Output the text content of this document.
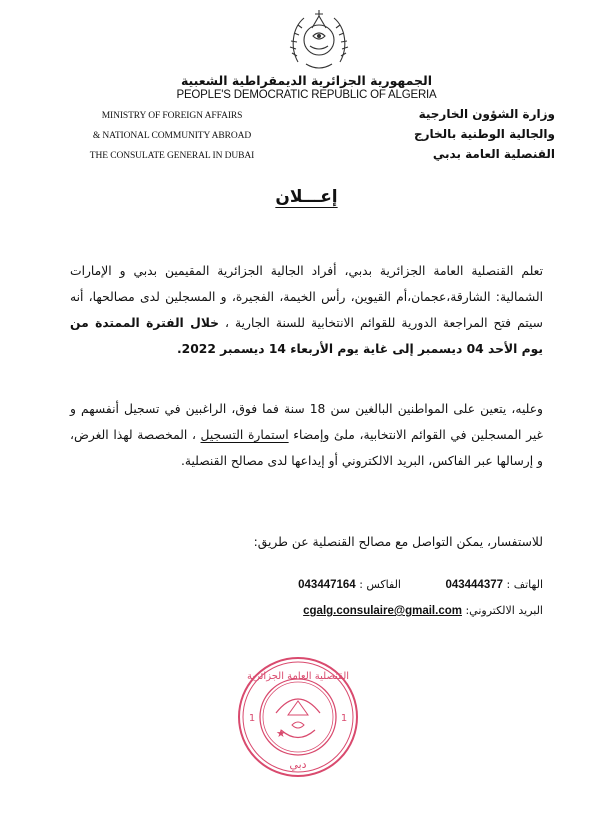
الجمهورية الجزائرية الديمقراطية الشعبية
PEOPLE'S DEMOCRATIC REPUBLIC OF ALGERIA
MINISTRY OF FOREIGN AFFAIRS
& NATIONAL COMMUNITY ABROAD
THE CONSULATE GENERAL IN DUBAI
وزارة الشؤون الخارجية
والجالية الوطنية بالخارج
القنصلية العامة بدبي
إعـــلان
تعلم القنصلية العامة الجزائرية بدبي، أفراد الجالية الجزائرية المقيمين بدبي و الإمارات الشمالية: الشارقة،عجمان،أم القيوين، رأس الخيمة، الفجيرة، و المسجلين لدى مصالحها، أنه سيتم فتح المراجعة الدورية للقوائم الانتخابية للسنة الجارية ، خلال الفترة الممتدة من يوم الأحد 04 ديسمبر إلى غاية يوم الأربعاء 14 ديسمبر 2022.
وعليه، يتعين على المواطنين البالغين سن 18 سنة فما فوق، الراغبين في تسجيل أنفسهم و غير المسجلين في القوائم الانتخابية، ملئ وإمضاء استمارة التسجيل ، المخصصة لهذا الغرض، و إرسالها عبر الفاكس، البريد الالكتروني أو إيداعها لدى مصالح القنصلية.
للاستفسار، يمكن التواصل مع مصالح القنصلية عن طريق:
الهاتف : 043444377
الفاكس : 043447164
البريد الالكتروني: cgalg.consulaire@gmail.com
القنصلية العامة الجزائرية
دبي
1	1
★
